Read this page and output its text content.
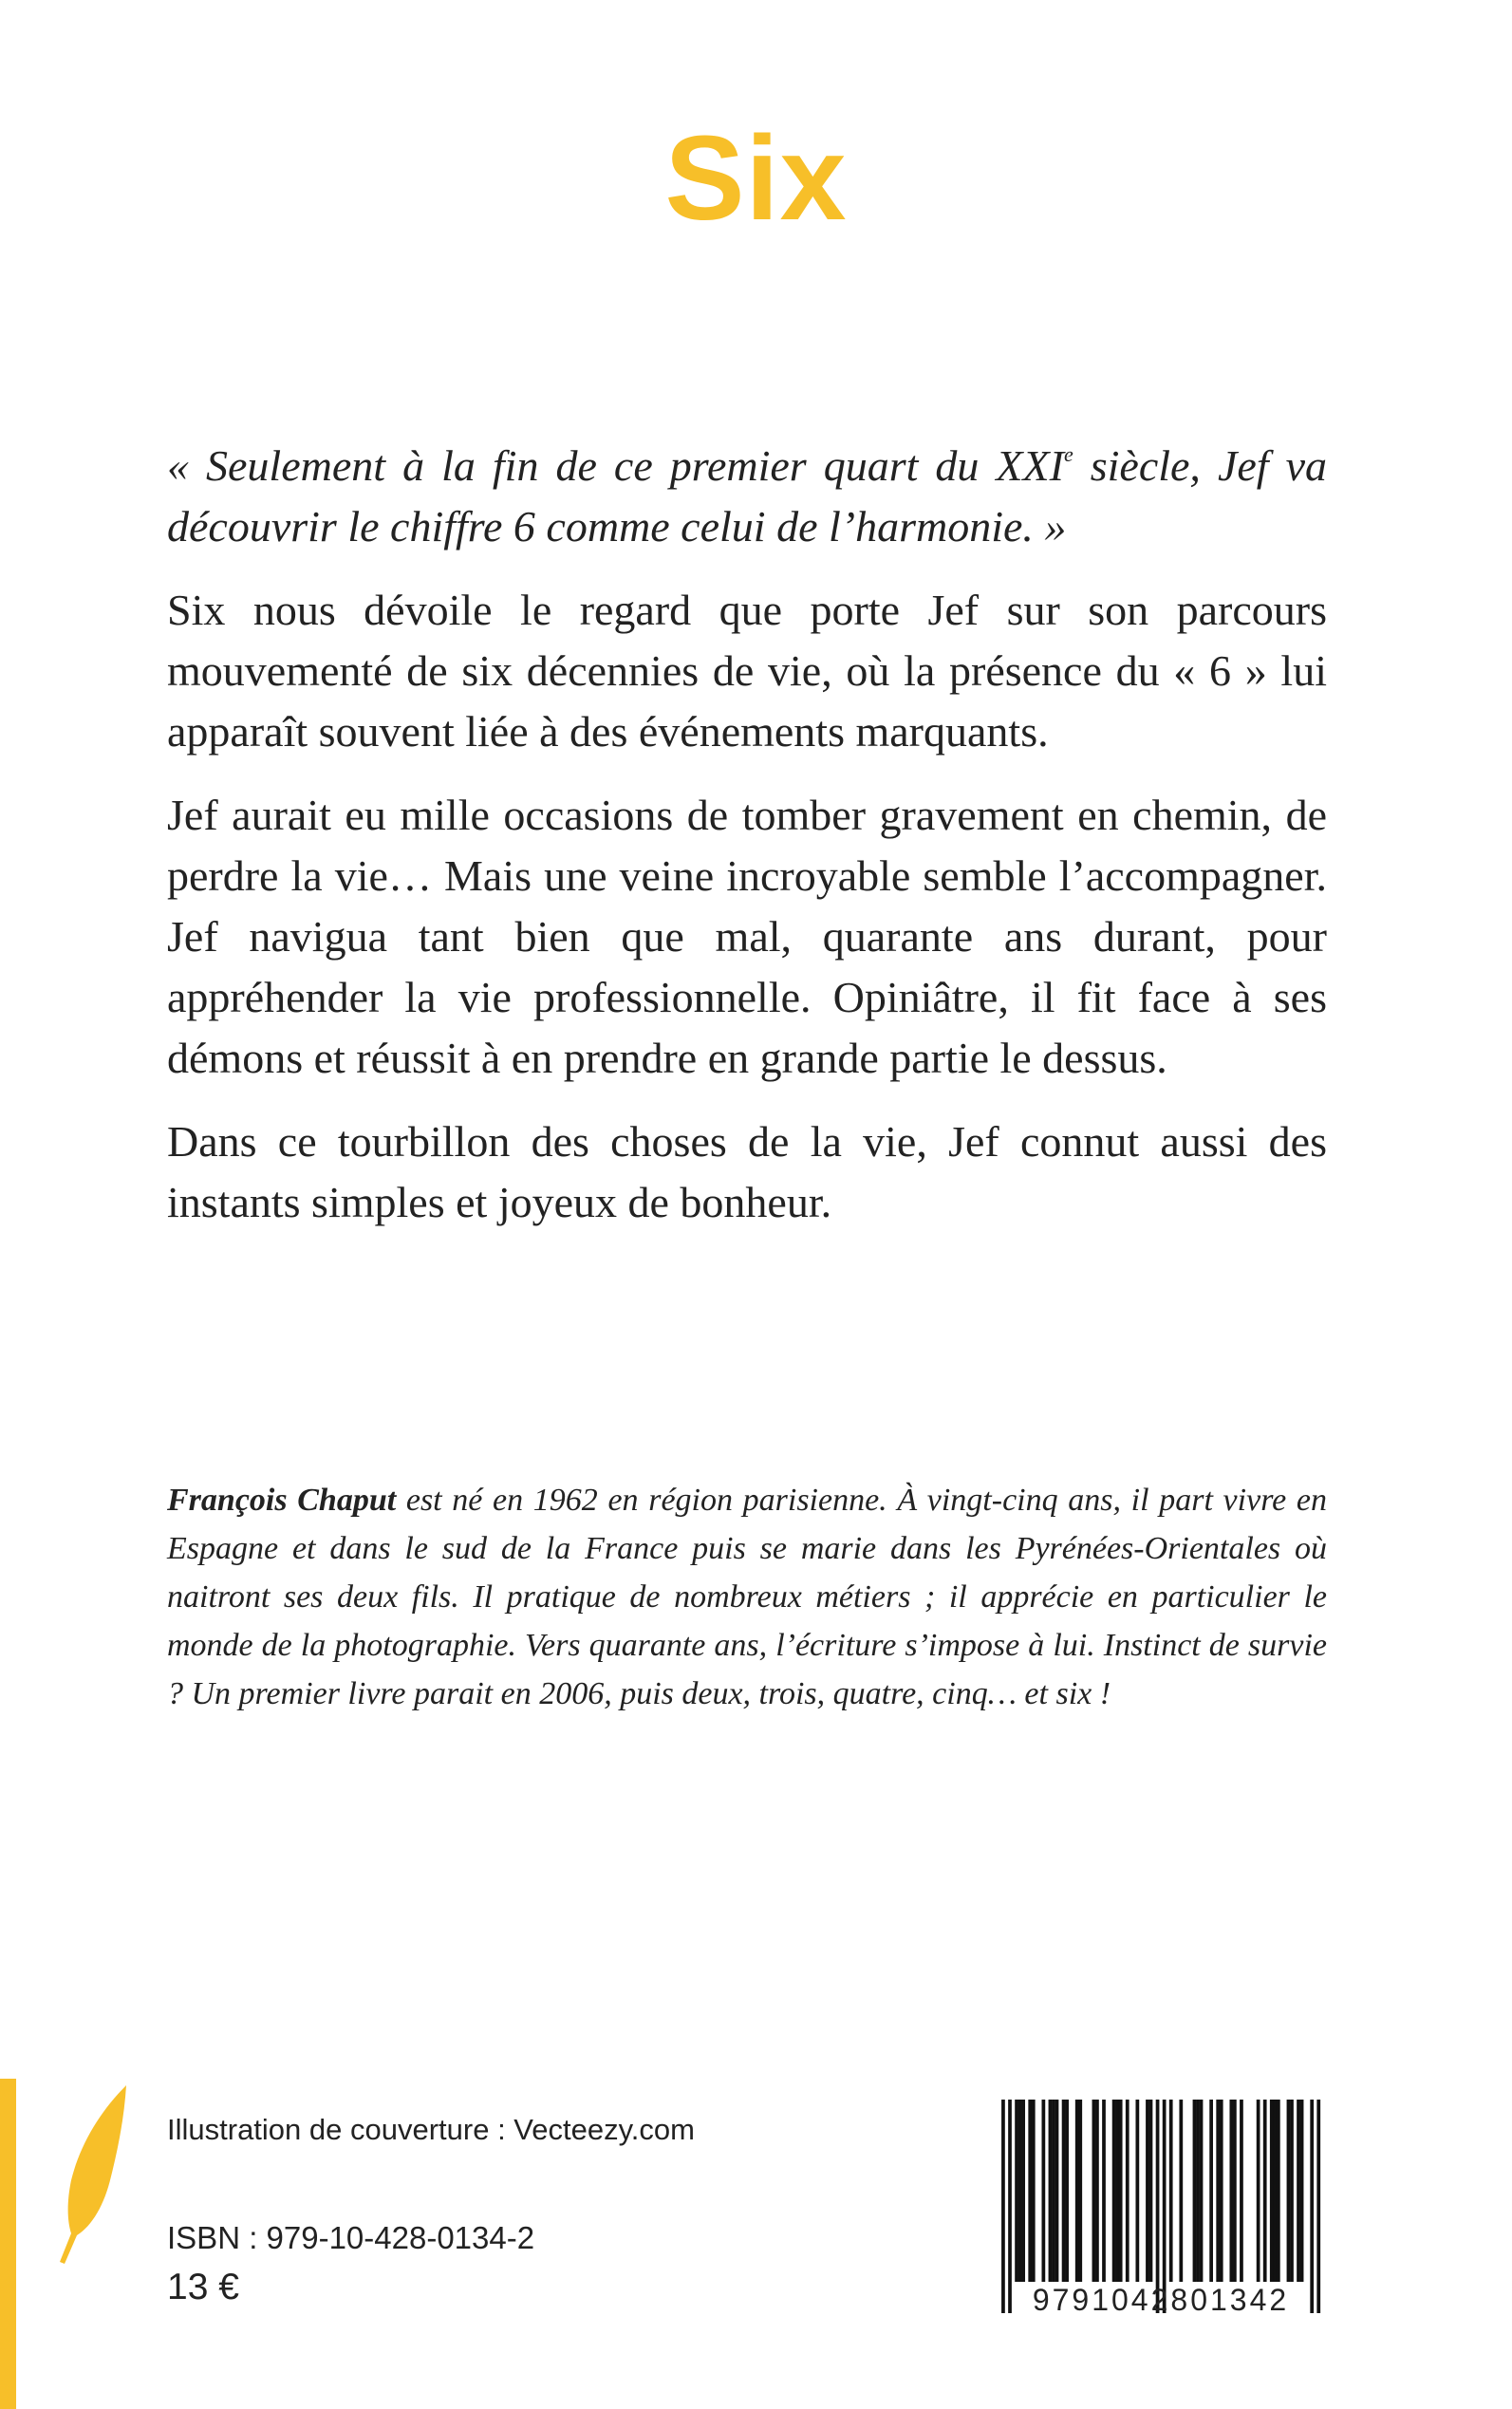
Six

« Seulement à la fin de ce premier quart du XXIe siècle, Jef va découvrir le chiffre 6 comme celui de l’harmonie. »

Six nous dévoile le regard que porte Jef sur son parcours mouvementé de six décennies de vie, où la présence du « 6 » lui apparaît souvent liée à des événements marquants.

Jef aurait eu mille occasions de tomber gravement en chemin, de perdre la vie… Mais une veine incroyable semble l’accompagner. Jef navigua tant bien que mal, quarante ans durant, pour appréhender la vie professionnelle. Opiniâtre, il fit face à ses démons et réussit à en prendre en grande partie le dessus.

Dans ce tourbillon des choses de la vie, Jef connut aussi des instants simples et joyeux de bonheur.

François Chaput est né en 1962 en région parisienne. À vingt-cinq ans, il part vivre en Espagne et dans le sud de la France puis se marie dans les Pyrénées-Orientales où naitront ses deux fils. Il pratique de nombreux métiers ; il apprécie en particulier le monde de la photographie. Vers quarante ans, l’écriture s’impose à lui. Instinct de survie ? Un premier livre parait en 2006, puis deux, trois, quatre, cinq… et six !

Illustration de couverture : Vecteezy.com
ISBN : 979-10-428-0134-2
13 €	9791042801342
